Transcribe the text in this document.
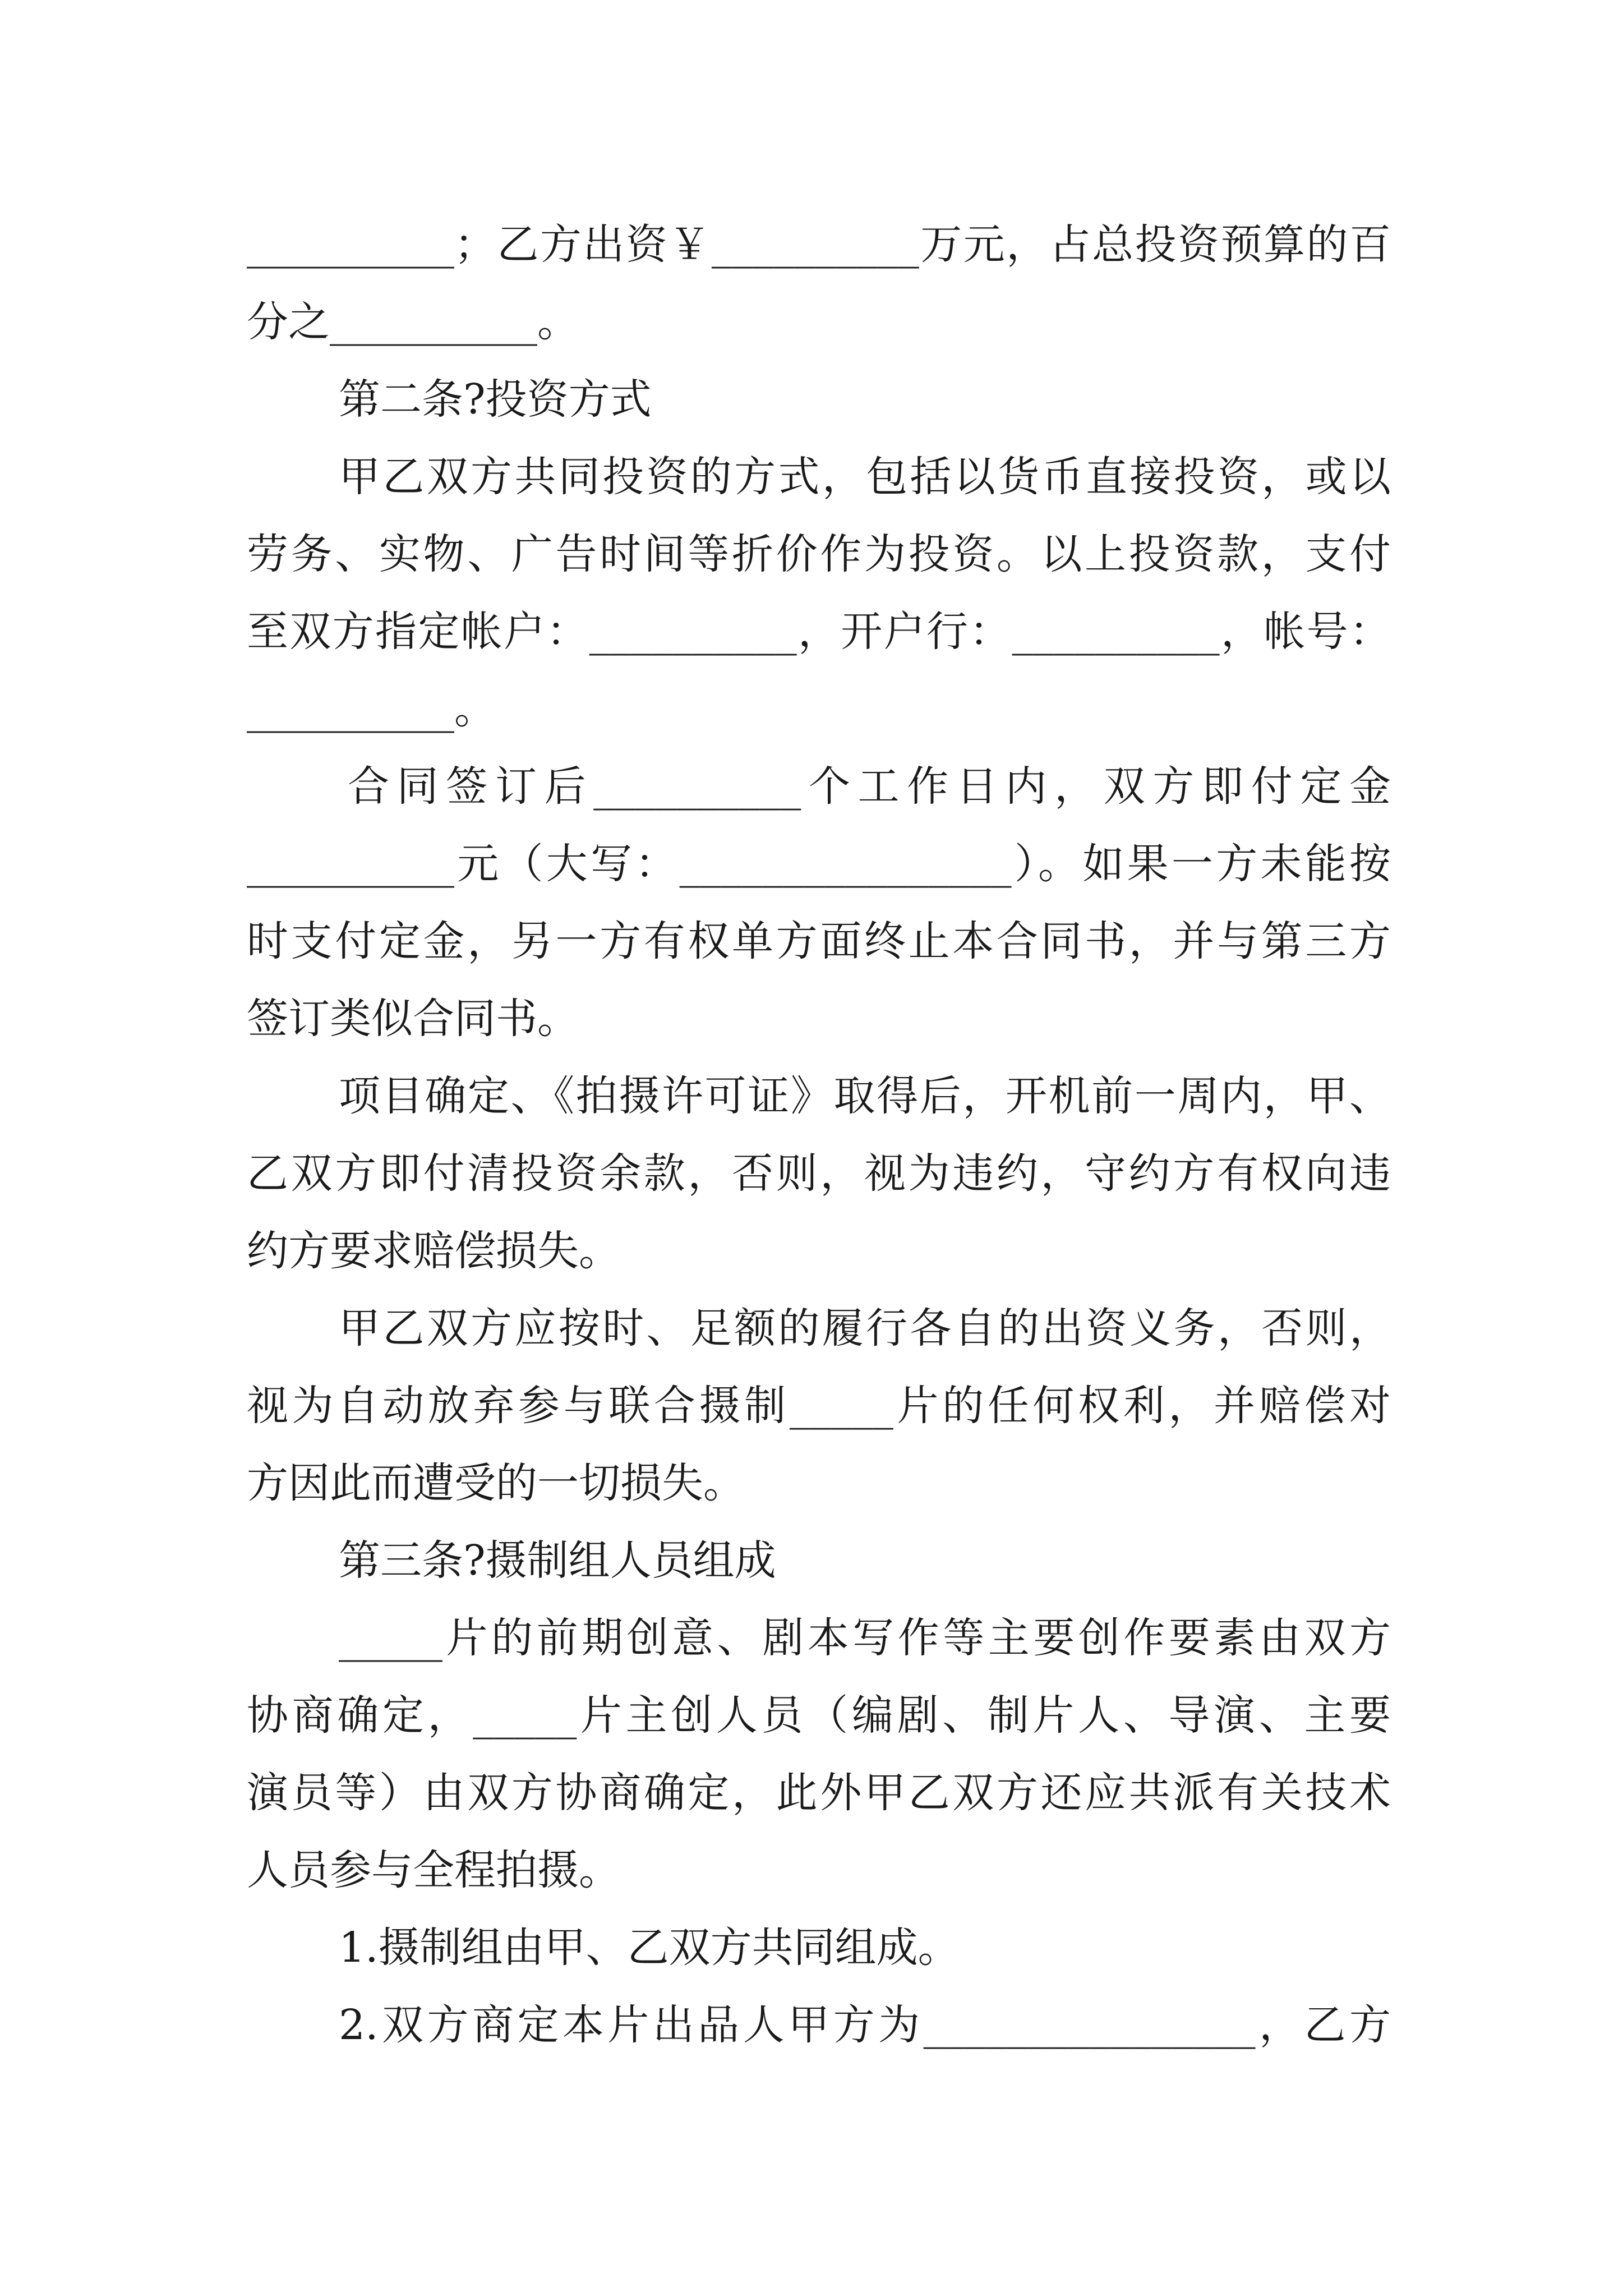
__________；乙方出资￥__________万元，占总投资预算的百
分之__________。
第二条?投资方式
甲乙双方共同投资的方式，包括以货币直接投资，或以
劳务、实物、广告时间等折价作为投资。以上投资款，支付
至双方指定帐户：__________，开户行：__________，帐号：
__________。
合同签订后__________个工作日内，双方即付定金
__________元（大写：________________）。如果一方未能按
时支付定金，另一方有权单方面终止本合同书，并与第三方
签订类似合同书。
项目确定、《拍摄许可证》取得后，开机前一周内，甲、
乙双方即付清投资余款，否则，视为违约，守约方有权向违
约方要求赔偿损失。
甲乙双方应按时、足额的履行各自的出资义务，否则，
视为自动放弃参与联合摄制_____片的任何权利，并赔偿对
方因此而遭受的一切损失。
第三条?摄制组人员组成
_____片的前期创意、剧本写作等主要创作要素由双方
协商确定，_____片主创人员（编剧、制片人、导演、主要
演员等）由双方协商确定，此外甲乙双方还应共派有关技术
人员参与全程拍摄。
1.摄制组由甲、乙双方共同组成。
2.双方商定本片出品人甲方为________________，乙方
